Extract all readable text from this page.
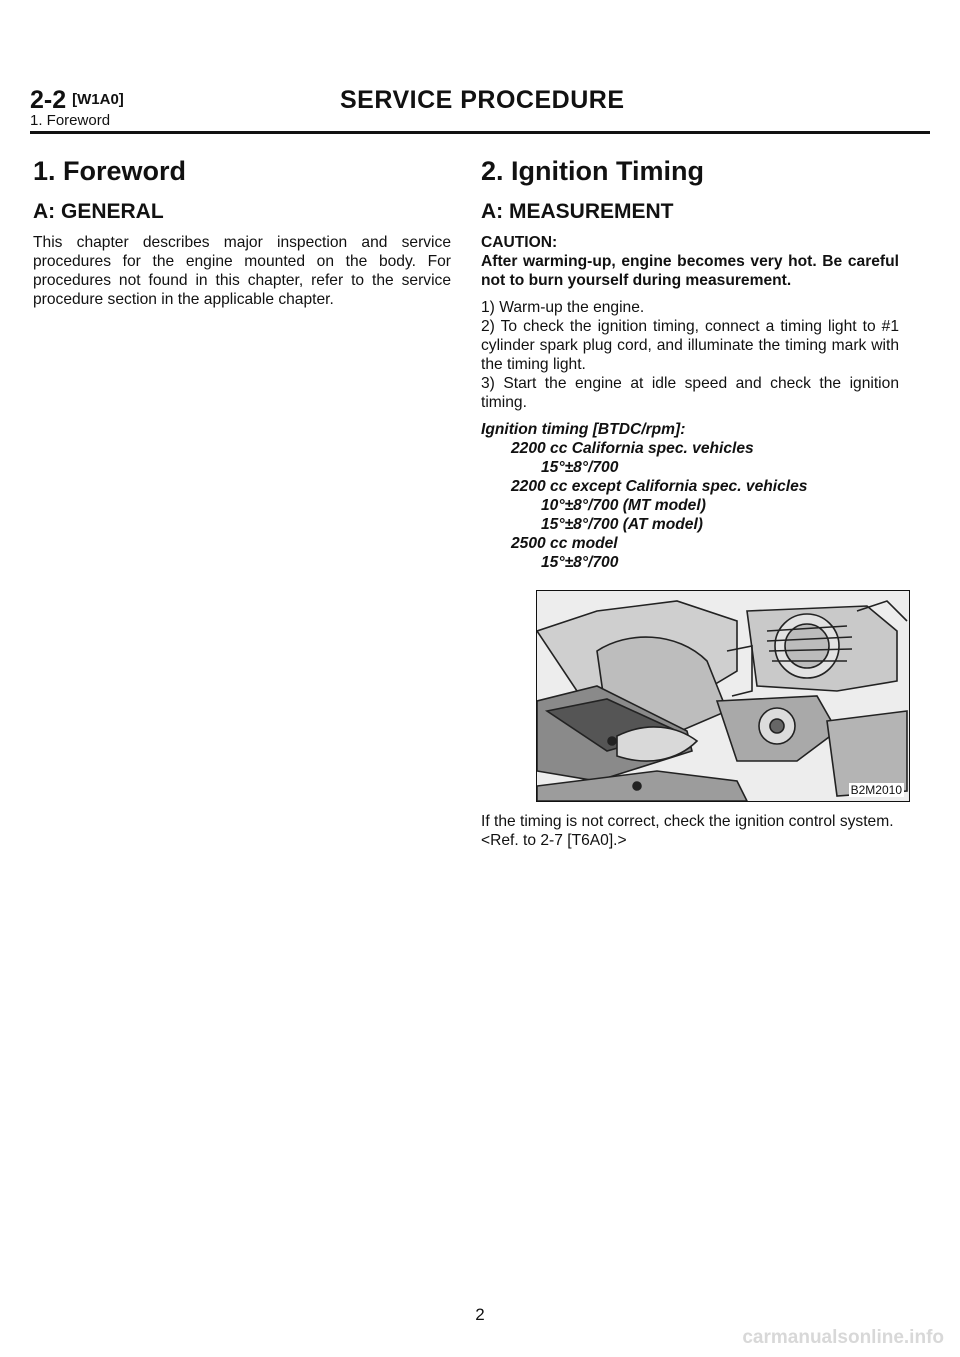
2-2 [W1A0]	SERVICE PROCEDURE
1. Foreword
1. Foreword
A: GENERAL

This chapter describes major inspection and service procedures for the engine mounted on the body. For procedures not found in this chapter, refer to the service procedure section in the applicable chapter.

2. Ignition Timing
A: MEASUREMENT
CAUTION:
After warming-up, engine becomes very hot. Be careful not to burn yourself during measurement.

1) Warm-up the engine.

2) To check the ignition timing, connect a timing light to #1 cylinder spark plug cord, and illuminate the timing mark with the timing light.

3) Start the engine at idle speed and check the ignition timing.

Ignition timing [BTDC/rpm]:
2200 cc California spec. vehicles
15°±8°/700
2200 cc except California spec. vehicles
10°±8°/700 (MT model)
15°±8°/700 (AT model)
2500 cc model
15°±8°/700
B2M2010

If the timing is not correct, check the ignition control system.

<Ref. to 2-7 [T6A0].>

2
carmanualsonline.info
